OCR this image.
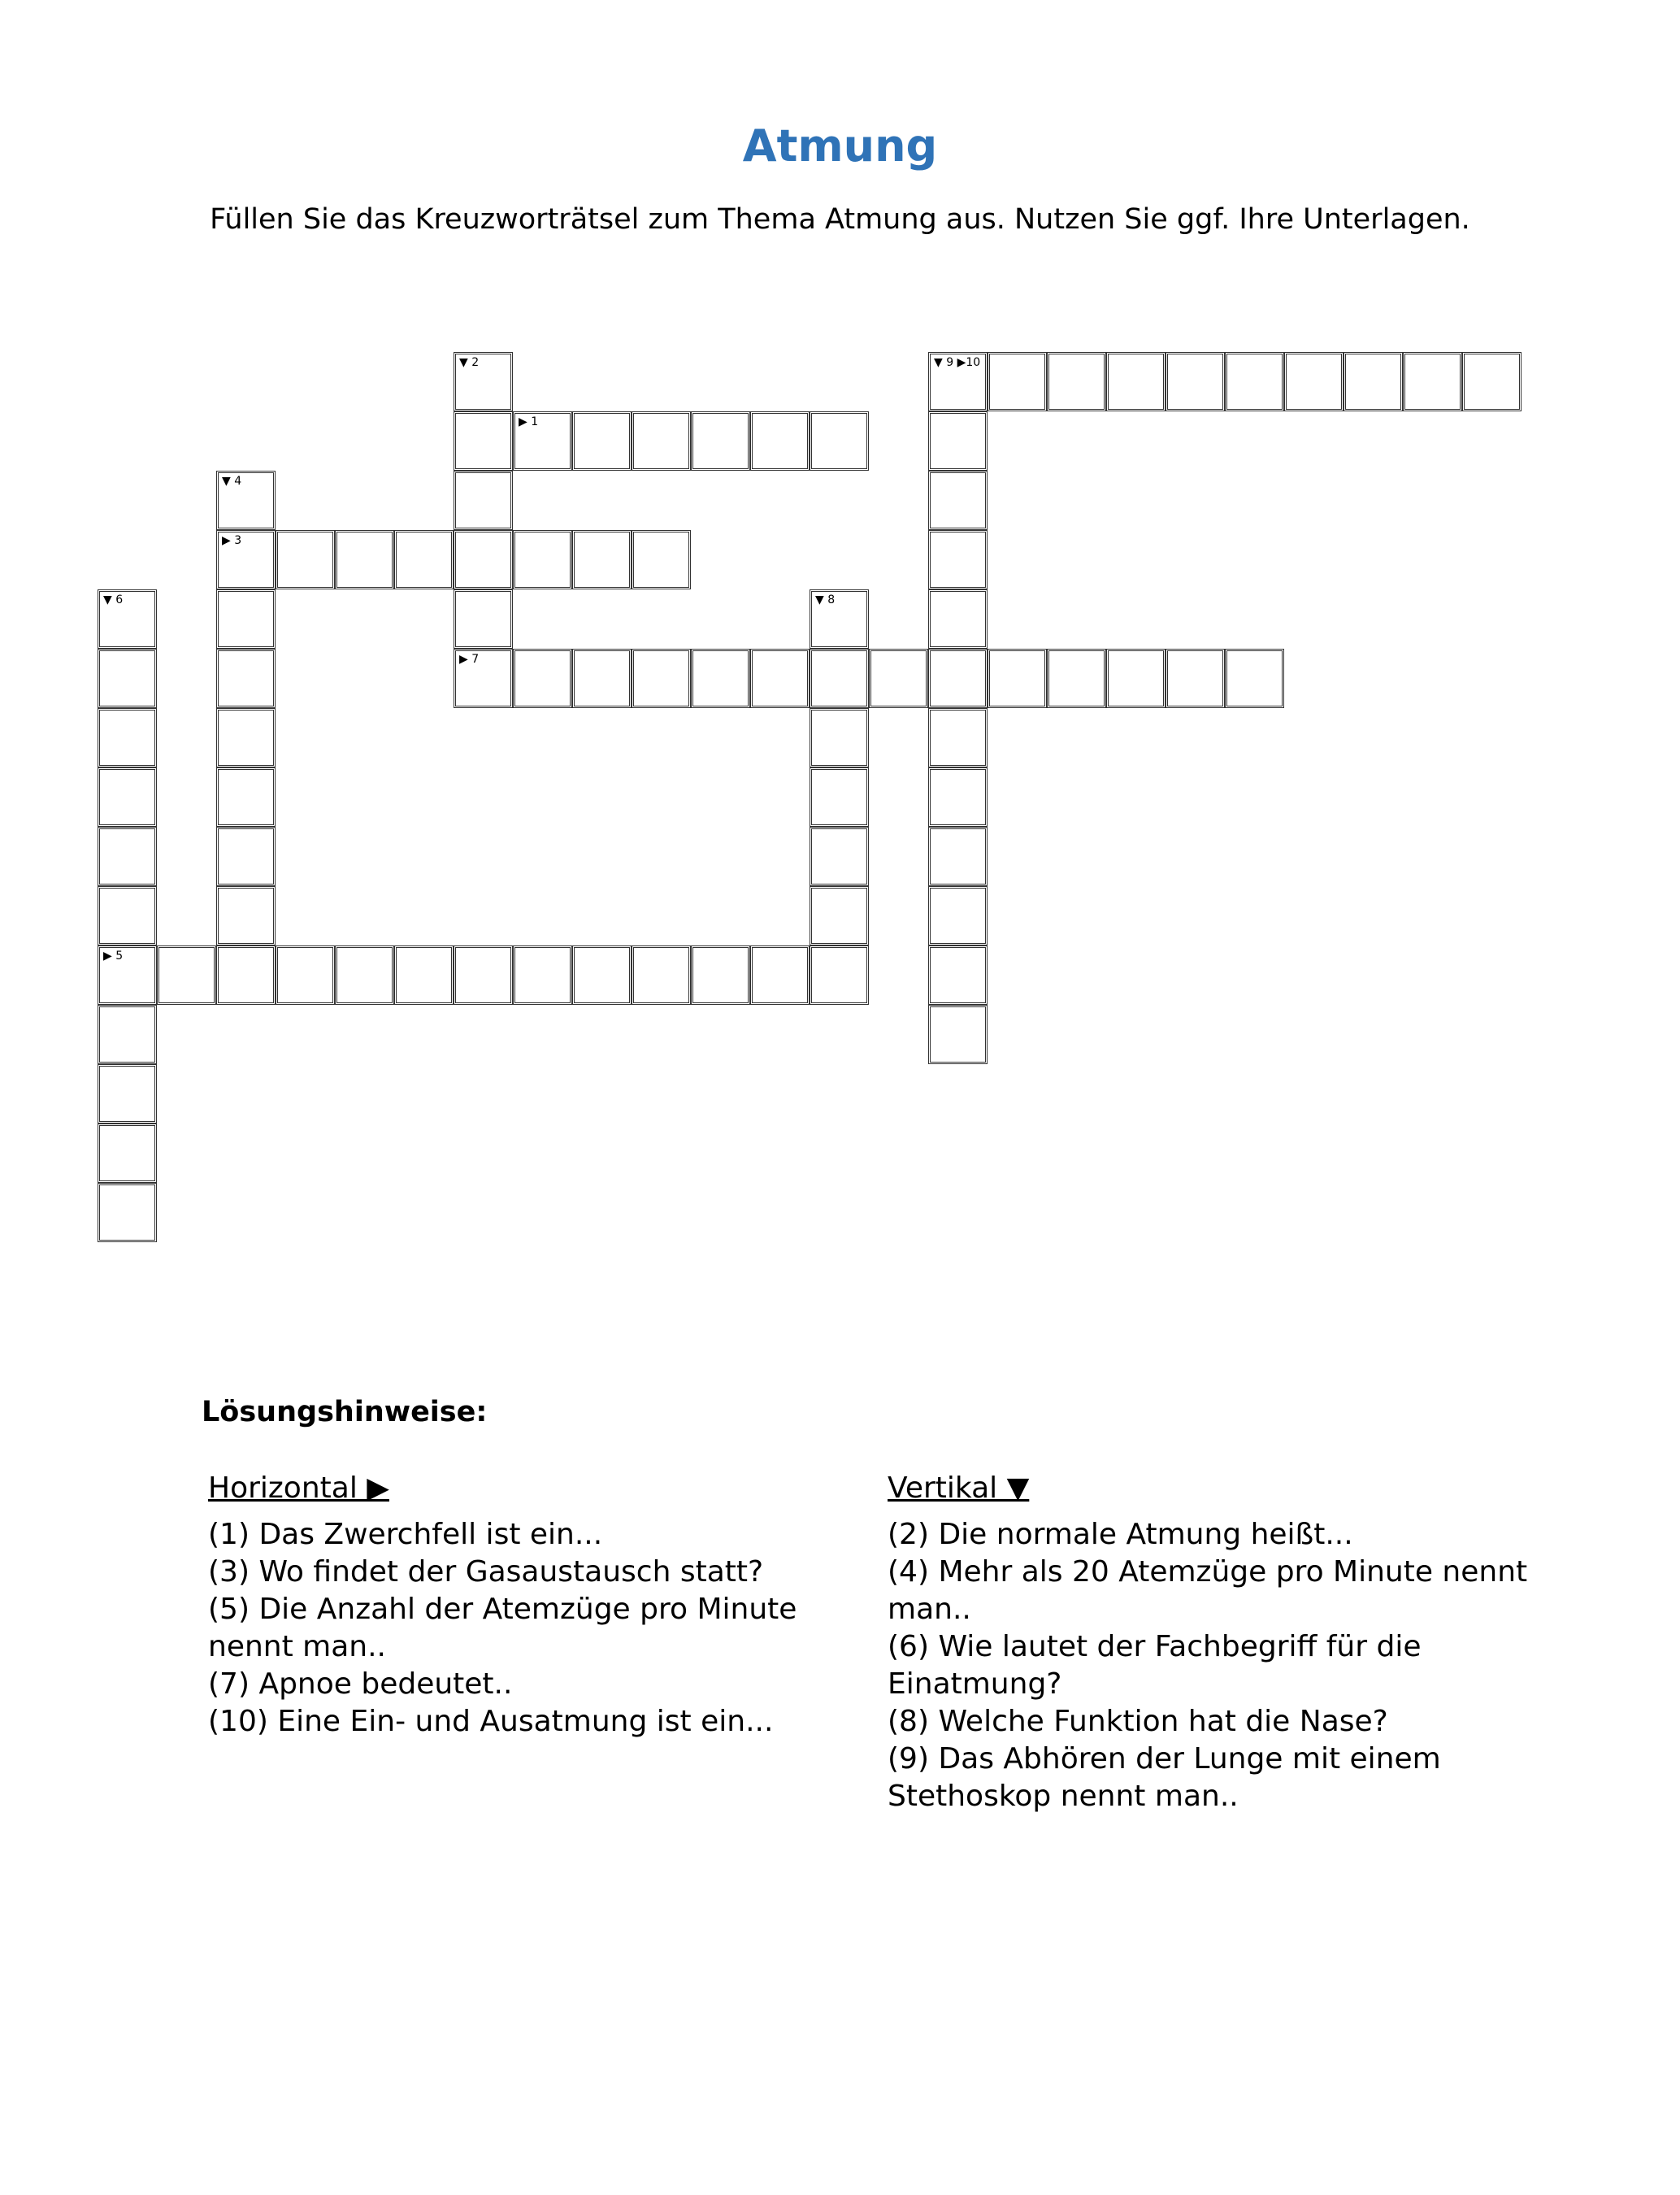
Atmung
Füllen Sie das Kreuzworträtsel zum Thema Atmung aus. Nutzen Sie ggf. Ihre Unterlagen.
▼ 2	▼ 9 ▶10
▶ 1
▼ 4
▶ 3
▼ 6
▶ 5
▼ 8
▶ 7
Lösungshinweise:
Horizontal ▶	Vertikal ▼

(1) Das Zwerchfell ist ein...

(3) Wo findet der Gasaustausch statt?

(5) Die Anzahl der Atemzüge pro Minute nennt man..

(7) Apnoe bedeutet..

(10) Eine Ein- und Ausatmung ist ein...

(2) Die normale Atmung heißt...

(4) Mehr als 20 Atemzüge pro Minute nennt man..

(6) Wie lautet der Fachbegriff für die Einatmung?

(8) Welche Funktion hat die Nase?

(9) Das Abhören der Lunge mit einem Stethoskop nennt man..
